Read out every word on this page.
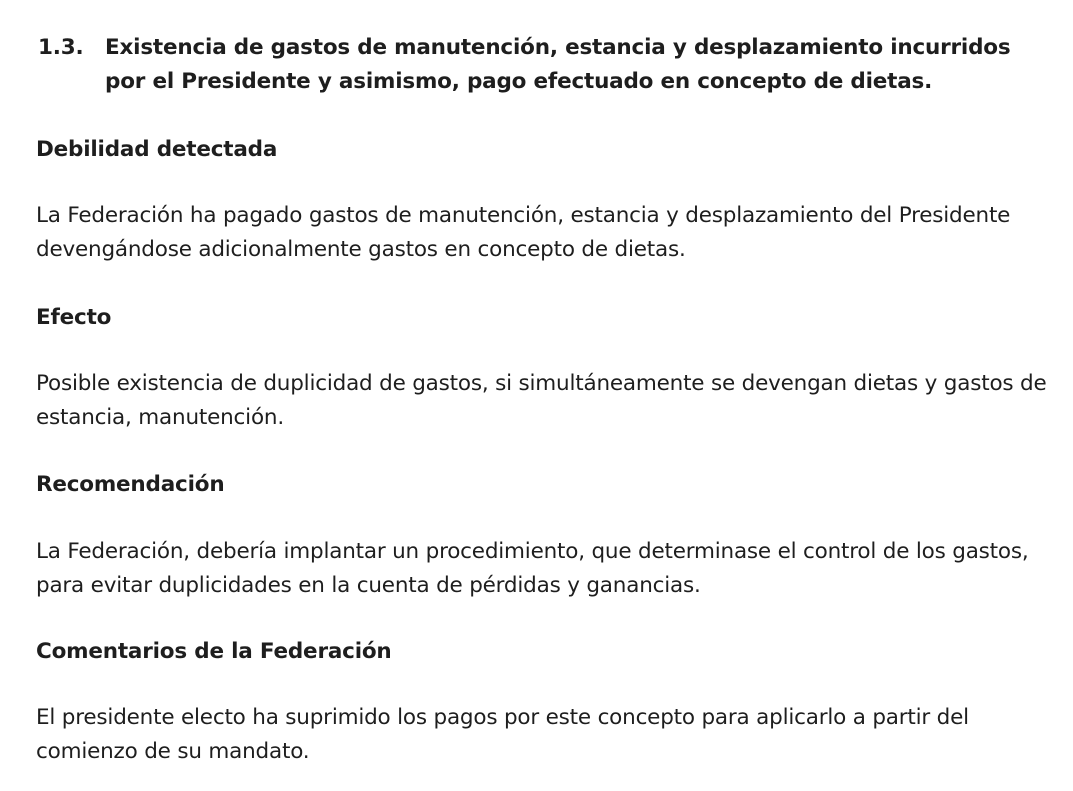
1.3. Existencia de gastos de manutención, estancia y desplazamiento incurridos por el Presidente y asimismo, pago efectuado en concepto de dietas.
Debilidad detectada
La Federación ha pagado gastos de manutención, estancia y desplazamiento del Presidente devengándose adicionalmente gastos en concepto de dietas.
Efecto
Posible existencia de duplicidad de gastos, si simultáneamente se devengan dietas y gastos de estancia, manutención.
Recomendación
La Federación, debería implantar un procedimiento, que determinase el control de los gastos, para evitar duplicidades en la cuenta de pérdidas y ganancias.
Comentarios de la Federación
El presidente electo ha suprimido los pagos por este concepto para aplicarlo a partir del comienzo de su mandato.
